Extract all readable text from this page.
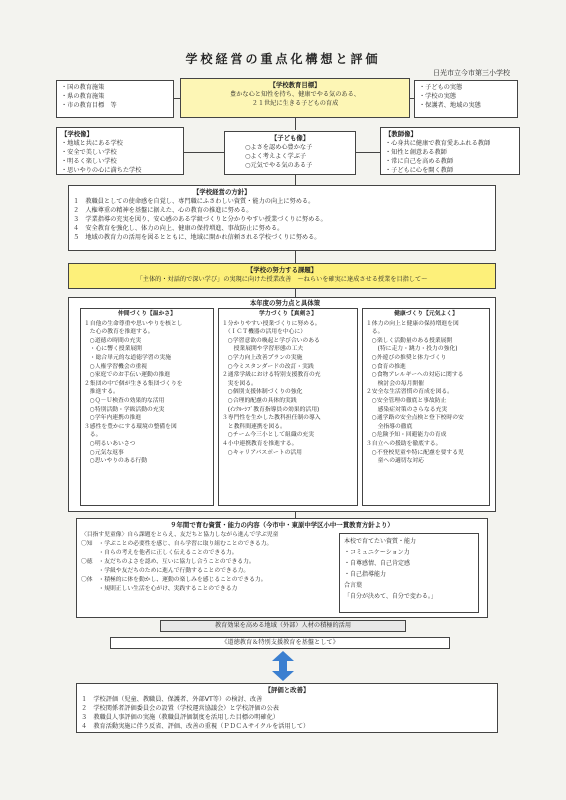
学校経営の重点化構想と評価
日光市立今市第三小学校
・国の教育施策
・県の教育施策
・市の教育目標　等
【学校教育目標】
豊かな心と知性を持ち、健康でやる気のある、
２１世紀に生きる子どもの育成
・子どもの実態
・学校の実態
・保護者、地域の実態
【学校像】
・地域と共にある学校
・安全で美しい学校
・明るく楽しい学校
・思いやりの心に満ちた学校
【子ども像】
○よさを認め心豊かな子
○よく考えよく学ぶ子
○元気でやる気のある子
【教師像】
・心身共に健康で教育愛あふれる教師
・知性と創意ある教師
・常に自己を高める教師
・子どもに心を開く教師
【学校経営の方針】
１　教職員としての使命感を自覚し、専門職にふさわしい資質・能力の向上に努める。
２　人権尊重の精神を基盤に据えた、心の教育の推進に努める。
３　学業指導の充実を図り、安心感のある学級づくりと分かりやすい授業づくりに努める。
４　安全教育を強化し、体力の向上、健康の保持増進、事故防止に努める。
５　地域の教育力の活用を図るとともに、地域に開かれ信頼される学校づくりに努める。
【学校の努力する課題】
「主体的・対話的で深い学び」の実現に向けた授業改善　～ねらいを確実に達成させる授業を目指して～
本年度の努力点と具体策
仲間づくり【温かさ】
１自他の生命尊重や思いやりを核とし
　た心の教育を推進する。
　○道徳の時間の充実
　・心に響く授業展開
　・総合単元的な道徳学習の実施
　○人権学習機会の重視
　○家庭でのお手伝い運動の推進
２集団の中で個が生きる集団づくりを
　推進する。
　○Ｑ－Ｕ検査の効果的な活用
　○特別活動・学級活動の充実
　○学年内連携の推進
３感性を豊かにする環境の整備を図
　る。
　○明るいあいさつ
　○元気な返事
　○思いやりのある行動
学力づくり【真剣さ】
１分かりやすい授業づくりに努める。
　（ＩＣＴ機器の活用を中心に）
　○学習意欲の喚起と学び合いのある
　　授業展開や学習形態の工夫
　○学力向上改善プランの実施
　○今ミスタンダードの改訂・実践
２通常学級における特別支援教育の充
　実を図る。
　○個別支援体制づくりの強化
　○合理的配慮の具体的実践
　(ｲﾝｸﾙｰｼﾌﾞ教育指導員の効果的活用)
３専門性を生かした教科担任制の導入
　と教科間連携を図る。
　○チーム今三小として組織の充実
４小中連携教育を推進する。
　○キャリアパスポートの活用
健康づくり【元気よく】
１体力の向上と健康の保持増進を図
　る。
　○楽しく活動量のある授業展開
　　(特に走力・跳力・投力の強化)
　○外遊びの推奨と体力づくり
　○食育の推進
　○食物アレルギーへの対応に関する
　　検討会の毎月開催
２安全な生活習慣の育成を図る。
　○安全管理の徹底と事故防止
　　感染症対策のさらなる充実
　○通学路の安全点検と登下校時の安
　　全指導の徹底
　○危険予知・回避能力の育成
３自立への援助を徹底する。
　○不登校児童や特に配慮を要する児
　　童への適切な対応
９年間で育む資質・能力の内容（今市中・東原中学区小中一貫教育方針より）
〈目指す児童像〉自ら課題をとらえ、友だちと協力しながら進んで学ぶ児童
〇知　・学ぶことの必要性を感じ、自ら学習に取り組むことのできる力。
　　　・自らの考えを他者に正しく伝えることのできる力。
〇徳　・友だちのよさを認め、互いに協力し合うことのできる力。
　　　・学級や友だちのために進んで行動することのできる力。
〇体　・積極的に体を動かし、運動の楽しみを感じることのできる力。
　　　・規則正しい生活を心がけ、実践することのできる力
本校で育てたい資質・能力
・コミュニケーション力
・自尊感情、自己肯定感
・自己指導能力
合言葉
「自分が決めて、自分で変わる。」
教育効果を高める地域（外部）人材の積極的活用
《道徳教育＆特別支援教育を基盤として》
【評価と改善】
１　学校評価（児童、教職員、保護者、外部VT等）の検討、改善
２　学校関係者評価委員会の設置（学校運営協議会）と学校評価の公表
３　教職員人事評価の実施（教職員評価制度を活用した目標の明確化）
４　教育活動実施に伴う反省、評価、改善の重視（ＰＤＣＡサイクルを活用して）
